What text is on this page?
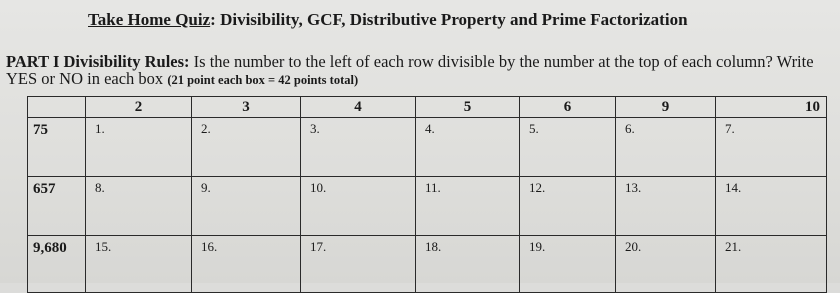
Take Home Quiz: Divisibility, GCF, Distributive Property and Prime Factorization
PART I Divisibility Rules: Is the number to the left of each row divisible by the number at the top of each column? Write YES or NO in each box (21 point each box = 42 points total)
	2	3	4	5	6	9	10
75	1.	2.	3.	4.	5.	6.	7.
657	8.	9.	10.	11.	12.	13.	14.
9,680	15.	16.	17.	18.	19.	20.	21.
